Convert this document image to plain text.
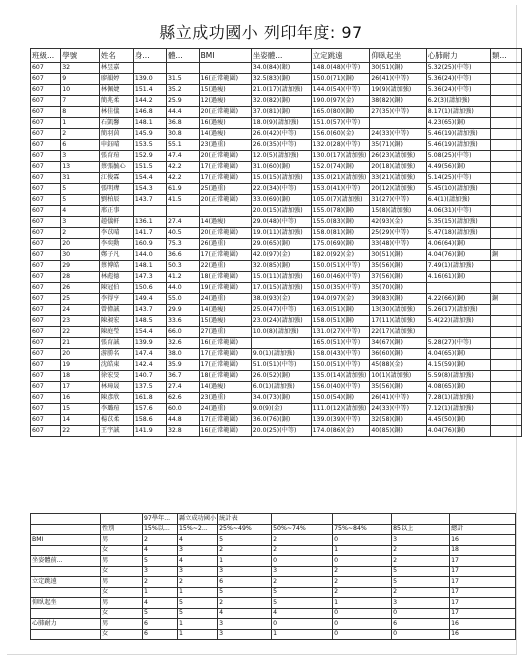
縣立成功國小 列印年度: 97
班級...	學號	姓名	身...	體...	BMI	坐姿體...	立定跳遠	仰臥起坐	心肺耐力	類...
607	32	林昱嘉				34.0(84)(銀)	148.0(48)(中等)	30(51)(銅)	5.32(25)(中等)	
607	9	廖韻婷	139.0	31.5	16(正常範圍)	32.5(83)(銅)	150.0(71)(銅)	26(41)(中等)	5.36(24)(中等)	
607	10	林佩婕	151.4	35.2	15(過瘦)	21.0(17)(請加強)	144.0(54)(中等)	19(9)(請加強)	5.36(24)(中等)	
607	7	簡兆柔	144.2	25.9	12(過瘦)	32.0(82)(銅)	190.0(97)(金)	38(82)(銅)	6.2(3)(請加強)	
607	8	林佳儀	146.8	44.4	20(正常範圍)	37.0(81)(銅)	165.0(80)(銅)	27(35)(中等)	8.17(1)(請加強)	
607	1	石凱馨	148.1	36.8	16(過瘦)	18.0(9)(請加強)	151.0(57)(中等)		4.23(65)(銅)	
607	2	簡羽茵	145.9	30.8	14(過瘦)	26.0(42)(中等)	156.0(60)(金)	24(33)(中等)	5.46(19)(請加強)	
607	6	申鈺晴	153.5	55.1	23(過重)	26.0(35)(中等)	132.0(28)(中等)	35(71)(銅)	5.46(19)(請加強)	
607	3	張育瑄	152.9	47.4	20(正常範圍)	12.0(5)(請加強)	130.0(17)(請加強)	26(23)(請加強)	5.08(25)(中等)	
607	13	蔡張毓心	151.5	42.2	17(正常範圍)	31.0(60)(銅)	152.0(74)(銅)	20(18)(請加強)	4.49(56)(銅)	
607	31	江俊霖	154.4	42.2	17(正常範圍)	15.0(15)(請加強)	135.0(21)(請加強)	33(21)(請加強)	5.14(25)(中等)	
607	5	張明瑋	154.3	61.9	25(過重)	22.0(34)(中等)	153.0(41)(中等)	20(12)(請加強)	5.45(10)(請加強)	
607	5	劉柏辰	143.7	41.5	20(正常範圍)	33.0(69)(銅)	105.0(7)(請加強)	31(27)(中等)	6.4(1)(請加強)	
607	4	邢正事				20.0(15)(請加強)	155.0(78)(銅)	15(8)(請加強)	4.06(31)(中等)	
607	3	趙儀軒	136.1	27.4	14(過瘦)	29.0(48)(中等)	155.0(83)(銅)	42(93)(金)	5.35(15)(請加強)	
607	2	李苡晴	141.7	40.5	20(正常範圍)	19.0(11)(請加強)	158.0(81)(銅)	25(29)(中等)	5.47(18)(請加強)	
607	20	李奕勳	160.9	75.3	26(過重)	29.0(65)(銅)	175.0(69)(銅)	33(48)(中等)	4.06(64)(銅)	
607	30	鄭子凡	144.0	36.6	17(正常範圍)	42.0(97)(金)	182.0(92)(金)	30(51)(銅)	4.04(76)(銅)	銅
607	29	蔡博皓	148.1	50.3	22(過重)	32.0(85)(銅)	150.0(51)(中等)	35(56)(銅)	7.49(1)(請加強)	
607	28	林彪德	147.3	41.2	18(正常範圍)	15.0(11)(請加強)	160.0(46)(中等)	37(56)(銅)	4.16(61)(銅)	
607	26	陳冠伯	150.6	44.0	19(正常範圍)	17.0(15)(請加強)	150.0(35)(中等)	35(70)(銅)		
607	25	李得亨	149.4	55.0	24(過重)	38.0(93)(金)	194.0(97)(金)	39(83)(銅)	4.22(66)(銅)	銅
607	24	曾偉誠	143.7	29.9	14(過瘦)	25.0(47)(中等)	163.0(51)(銅)	13(30)(請加強)	5.26(17)(請加強)	
607	23	陳昶宏	148.5	33.6	15(過瘦)	23.0(24)(請加強)	158.0(51)(銅)	17(11)(請加強)	5.4(22)(請加強)	
607	22	陳庭瑩	154.4	66.0	27(過重)	10.0(8)(請加強)	131.0(27)(中等)	22(17)(請加強)		
607	21	張育誠	139.9	32.6	16(正常範圍)		165.0(51)(中等)	34(67)(銅)	5.28(27)(中等)	
607	20	游勝名	147.4	38.0	17(正常範圍)	9.0(1)(請加強)	158.0(43)(中等)	36(60)(銅)	4.04(65)(銅)	
607	19	沈皓東	142.4	35.9	17(正常範圍)	51.0(51)(中等)	150.0(51)(中等)	45(88)(金)	4.15(59)(銅)	
607	18	徐宏旻	140.7	36.7	18(正常範圍)	26.0(52)(銅)	135.0(14)(請加強)	10(1)(請加強)	5.59(8)(請加強)	
607	17	林璋晟	137.5	27.4	14(過瘦)	6.0(1)(請加強)	156.0(40)(中等)	35(56)(銅)	4.08(65)(銅)	
607	16	陳彥欣	161.8	62.6	23(過重)	34.0(73)(銅)	150.0(54)(銅)	26(41)(中等)	7.28(1)(請加強)	
607	15	李璐瑄	157.6	60.0	24(過重)	9.0(9)(金)	111.0(12)(請加強)	24(33)(中等)	7.12(1)(請加強)	
607	14	楊苡柔	158.6	44.8	17(正常範圍)	36.0(76)(銅)	139.0(39)(中等)	32(58)(銅)	4.45(50)(銅)	
607	22	王宇誠	141.9	32.8	16(正常範圍)	20.0(25)(中等)	174.0(86)(金)	40(85)(銅)	4.04(76)(銅)	
		97學年...	縣立成功國小	統計表				
	性別	15%以...	15%~2...	25%~49%	50%~74%	75%~84%	85以上	總計
BMI	男	2	4	5	2	0	3	16
	女	4	3	2	2	1	2	18
坐姿體前...	男	5	4	1	0	0	2	17
	女	3	3	3	3	2	5	17
立定跳遠	男	2	2	6	2	2	5	17
	女	1	1	5	5	2	2	17
仰臥起坐	男	4	5	2	5	1	3	17
	女	5	5	4	4	0	0	17
心肺耐力	男	6	1	3	0	0	6	16
	女	6	1	3	1	0	0	16
